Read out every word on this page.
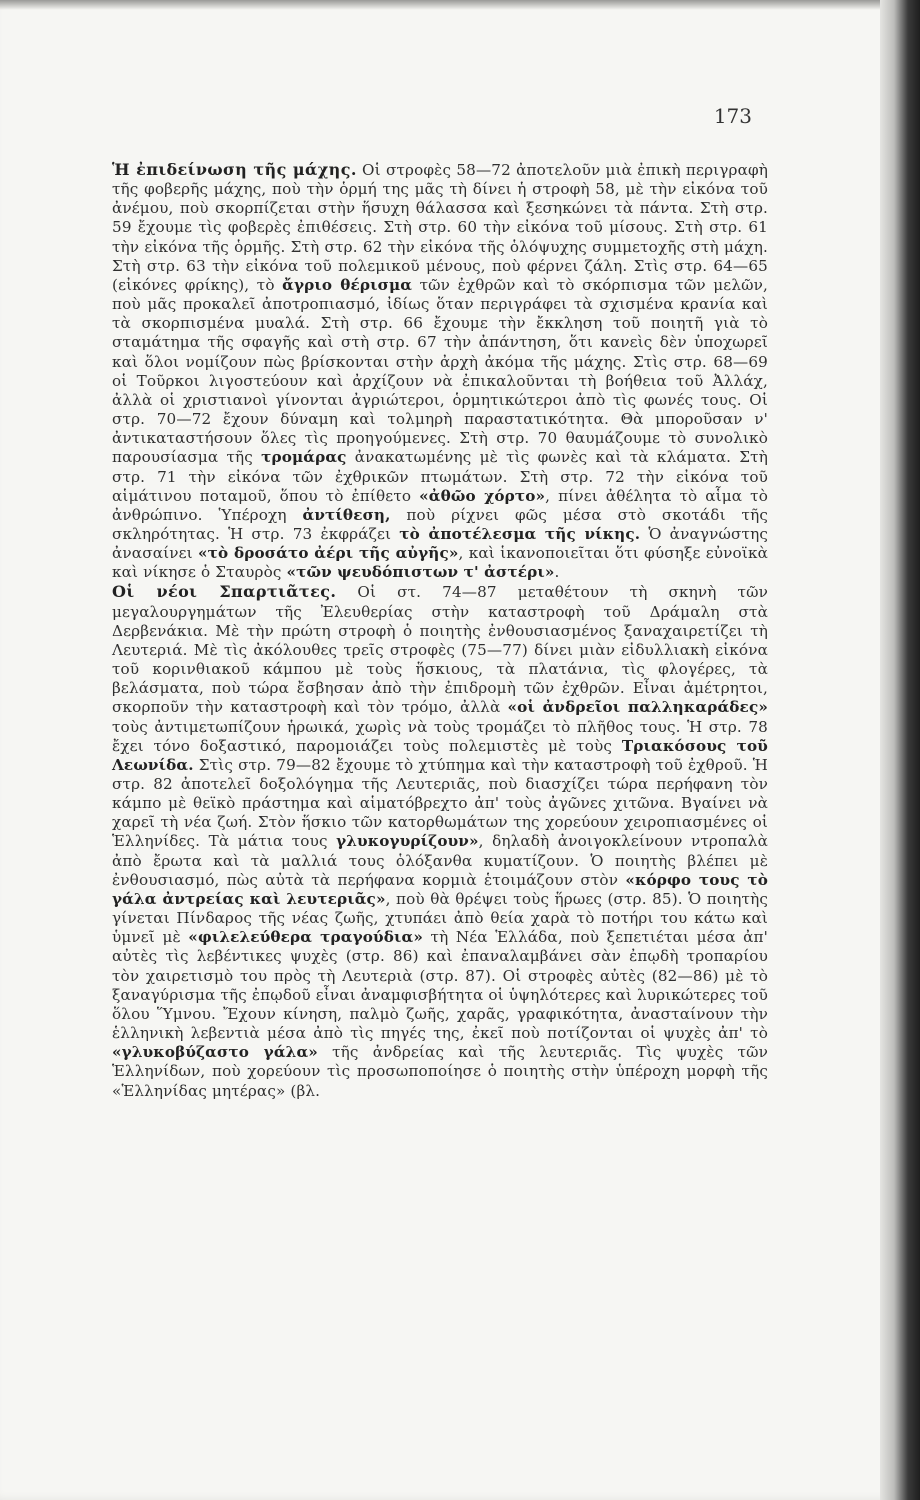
173

Ἡ ἐπιδείνωση τῆς μάχης. Οἱ στροφὲς 58—72 ἀποτελοῦν μιὰ ἐπικὴ περιγραφὴ τῆς φοβερῆς μάχης, ποὺ τὴν ὁρμή της μᾶς τὴ δίνει ἡ στροφὴ 58, μὲ τὴν εἰκόνα τοῦ ἀνέμου, ποὺ σκορπίζεται στὴν ἥσυχη θάλασσα καὶ ξεσηκώνει τὰ πάντα. Στὴ στρ. 59 ἔχουμε τὶς φοβερὲς ἐπιθέσεις. Στὴ στρ. 60 τὴν εἰκόνα τοῦ μίσους. Στὴ στρ. 61 τὴν εἰκόνα τῆς ὁρμῆς. Στὴ στρ. 62 τὴν εἰκόνα τῆς ὁλόψυχης συμμετοχῆς στὴ μάχη. Στὴ στρ. 63 τὴν εἰκόνα τοῦ πολεμικοῦ μένους, ποὺ φέρνει ζάλη. Στὶς στρ. 64—65 (εἰκόνες φρίκης), τὸ ἄγριο θέρισμα τῶν ἐχθρῶν καὶ τὸ σκόρπισμα τῶν μελῶν, ποὺ μᾶς προκαλεῖ ἀποτροπιασμό, ἰδίως ὅταν περιγράφει τὰ σχισμένα κρανία καὶ τὰ σκορπισμένα μυαλά. Στὴ στρ. 66 ἔχουμε τὴν ἔκκληση τοῦ ποιητῆ γιὰ τὸ σταμάτημα τῆς σφαγῆς καὶ στὴ στρ. 67 τὴν ἀπάντηση, ὅτι κανεὶς δὲν ὑποχωρεῖ καὶ ὅλοι νομίζουν πὼς βρίσκονται στὴν ἀρχὴ ἀκόμα τῆς μάχης. Στὶς στρ. 68—69 οἱ Τοῦρκοι λιγοστεύουν καὶ ἀρχίζουν νὰ ἐπικαλοῦνται τὴ βοήθεια τοῦ Ἀλλάχ, ἀλλὰ οἱ χριστιανοὶ γίνονται ἀγριώτεροι, ὁρμητικώτεροι ἀπὸ τὶς φωνές τους. Οἱ στρ. 70—72 ἔχουν δύναμη καὶ τολμηρὴ παραστατικότητα. Θὰ μποροῦσαν ν' ἀντικαταστήσουν ὅλες τὶς προηγούμενες. Στὴ στρ. 70 θαυμάζουμε τὸ συνολικὸ παρουσίασμα τῆς τρομάρας ἀνακατωμένης μὲ τὶς φωνὲς καὶ τὰ κλάματα. Στὴ στρ. 71 τὴν εἰκόνα τῶν ἐχθρικῶν πτωμάτων. Στὴ στρ. 72 τὴν εἰκόνα τοῦ αἱμάτινου ποταμοῦ, ὅπου τὸ ἐπίθετο «ἀθῶο χόρτο», πίνει ἀθέλητα τὸ αἷμα τὸ ἀνθρώπινο. Ὑπέροχη ἀντίθεση, ποὺ ρίχνει φῶς μέσα στὸ σκοτάδι τῆς σκληρότητας. Ἡ στρ. 73 ἐκφράζει τὸ ἀποτέλεσμα τῆς νίκης. Ὁ ἀναγνώστης ἀνασαίνει «τὸ δροσάτο ἀέρι τῆς αὐγῆς», καὶ ἱκανοποιεῖται ὅτι φύσηξε εὐνοϊκὰ καὶ νίκησε ὁ Σταυρὸς «τῶν ψευδόπιστων τ' ἀστέρι».

Οἱ νέοι Σπαρτιᾶτες. Οἱ στ. 74—87 μεταθέτουν τὴ σκηνὴ τῶν μεγαλουργημάτων τῆς Ἐλευθερίας στὴν καταστροφὴ τοῦ Δράμαλη στὰ Δερβενάκια. Μὲ τὴν πρώτη στροφὴ ὁ ποιητὴς ἐνθουσιασμένος ξαναχαιρετίζει τὴ Λευτεριά. Μὲ τὶς ἀκόλουθες τρεῖς στροφὲς (75—77) δίνει μιὰν εἰδυλλιακὴ εἰκόνα τοῦ κορινθιακοῦ κάμπου μὲ τοὺς ἥσκιους, τὰ πλατάνια, τὶς φλογέρες, τὰ βελάσματα, ποὺ τώρα ἔσβησαν ἀπὸ τὴν ἐπιδρομὴ τῶν ἐχθρῶν. Εἶναι ἀμέτρητοι, σκορποῦν τὴν καταστροφὴ καὶ τὸν τρόμο, ἀλλὰ «οἱ ἀνδρεῖοι παλληκαράδες» τοὺς ἀντιμετωπίζουν ἡρωικά, χωρὶς νὰ τοὺς τρομάζει τὸ πλῆθος τους. Ἡ στρ. 78 ἔχει τόνο δοξαστικό, παρομοιάζει τοὺς πολεμιστὲς μὲ τοὺς Τριακόσους τοῦ Λεωνίδα. Στὶς στρ. 79—82 ἔχουμε τὸ χτύπημα καὶ τὴν καταστροφὴ τοῦ ἐχθροῦ. Ἡ στρ. 82 ἀποτελεῖ δοξολόγημα τῆς Λευτεριᾶς, ποὺ διασχίζει τώρα περήφανη τὸν κάμπο μὲ θεϊκὸ πράστημα καὶ αἱματόβρεχτο ἀπ' τοὺς ἀγῶνες χιτῶνα. Βγαίνει νὰ χαρεῖ τὴ νέα ζωή. Στὸν ἥσκιο τῶν κατορθωμάτων της χορεύουν χειροπιασμένες οἱ Ἑλληνίδες. Τὰ μάτια τους γλυκογυρίζουν», δηλαδὴ ἀνοιγοκλείνουν ντροπαλὰ ἀπὸ ἔρωτα καὶ τὰ μαλλιά τους ὁλόξανθα κυματίζουν. Ὁ ποιητὴς βλέπει μὲ ἐνθουσιασμό, πὼς αὐτὰ τὰ περήφανα κορμιὰ ἑτοιμάζουν στὸν «κόρφο τους τὸ γάλα ἀντρείας καὶ λευτεριᾶς», ποὺ θὰ θρέψει τοὺς ἥρωες (στρ. 85). Ὁ ποιητὴς γίνεται Πίνδαρος τῆς νέας ζωῆς, χτυπάει ἀπὸ θεία χαρὰ τὸ ποτήρι του κάτω καὶ ὑμνεῖ μὲ «φιλελεύθερα τραγούδια» τὴ Νέα Ἑλλάδα, ποὺ ξεπετιέται μέσα ἀπ' αὐτὲς τὶς λεβέντικες ψυχὲς (στρ. 86) καὶ ἐπαναλαμβάνει σὰν ἐπῳδὴ τροπαρίου τὸν χαιρετισμὸ του πρὸς τὴ Λευτεριὰ (στρ. 87). Οἱ στροφὲς αὐτὲς (82—86) μὲ τὸ ξαναγύρισμα τῆς ἐπῳδοῦ εἶναι ἀναμφισβήτητα οἱ ὑψηλότερες καὶ λυρικώτερες τοῦ ὅλου Ὕμνου. Ἔχουν κίνηση, παλμὸ ζωῆς, χαρᾶς, γραφικότητα, ἀνασταίνουν τὴν ἑλληνικὴ λεβεντιὰ μέσα ἀπὸ τὶς πηγές της, ἐκεῖ ποὺ ποτίζονται οἱ ψυχὲς ἀπ' τὸ «γλυκοβύζαστο γάλα» τῆς ἀνδρείας καὶ τῆς λευτεριᾶς. Τὶς ψυχὲς τῶν Ἑλληνίδων, ποὺ χορεύουν τὶς προσωποποίησε ὁ ποιητὴς στὴν ὑπέροχη μορφὴ τῆς «Ἑλληνίδας μητέρας» (βλ.
